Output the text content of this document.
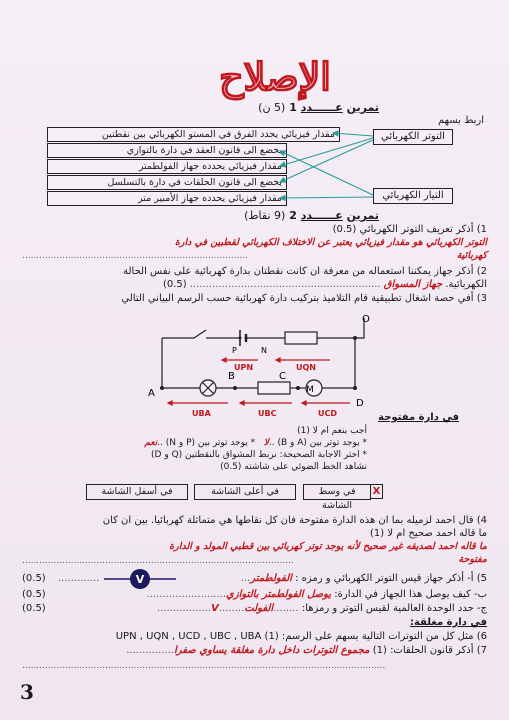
الإصلاح
تمرين عــــــدد 1 (5 ن)
اربط بسهم
مقدار فيزيائي يحدد الفرق في المستو الكهربائي بين نقطتين
يخضع الى قانون العقد في دارة بالتوازي
مقدار فيزيائي يحدده جهاز الفولطمتر
يخضع الى قانون الحلقات في دارة بالتسلسل
مقدار فيزيائي يحدده جهاز الأمبير متر
التوتر الكهربائي
التيار الكهربائي
تمرين عــــــدد 2 (9 نقاط)
1) أذكر تعريف التوتر الكهربائي (0.5)
التوتر الكهربائي هو مقدار فيزيائي يعتبر عن الاختلاف الكهربائي لقطبين في دارة
كهربائية
...............................................................................
2) أذكر جهاز يمكننا استعماله من معرفة ان كانت نقطتان بدارة كهربائية على نفس الحالة
الكهربائية. جهاز المسواق ............................................................ (0.5)
3) أفي حصة اشغال تطبيقية قام التلاميذ بتركيب دارة كهربائية حسب الرسم البياني التالي
M
O
A
B	C
D
P	N
UPN	UQN
UBA	UBC	UCD	في دارة مفتوحة
أجب بنعم ام لا (1)
* يوجد توتر بين (A و B) ..لا   * يوجد توتر بين (P و N) ..نعم
* اختر الاجابة الصحيحة: نربط المشواق بالنقطتين (Q و D)
نشاهد الخط الضوئي على شاشته (0.5)
X
في وسط الشاشة
في أعلى الشاشة
في أسفل الشاشة
4) قال احمد لزميله بما ان هذه الدارة مفتوحة فان كل نقاطها هي متماثلة كهربائيا. بين ان كان
ما قاله احمد صحيح ام لا (1)
ما قاله احمد لصديقه غير صحيح لأنه يوجد توتر كهربائي بين قطبي المولد و الدارة
مفتوحة
...............................................................................................
5) أ- أذكر جهاز قيس التوتر الكهربائي و رمزه : الفولطمتر...
(0.5) .............	V
ب- كيف يوصل هذا الجهاز في الدارة: يوصل الفولطمتر بالتوازي.........................
(0.5)
ج- حدد الوحدة العالمية لقيس التوتر و رمزها: ........الفولت........V.................
(0.5)
في دارة مغلقة:
6) مثل كل من التوترات التالية بسهم على الرسم: UPN , UQN , UCD , UBC , UBA (1)
7) أذكر قانون الحلقات: (1) مجموع التوترات داخل دارة مغلقة يساوي صفرا...............
...............................................................................................................................
3
